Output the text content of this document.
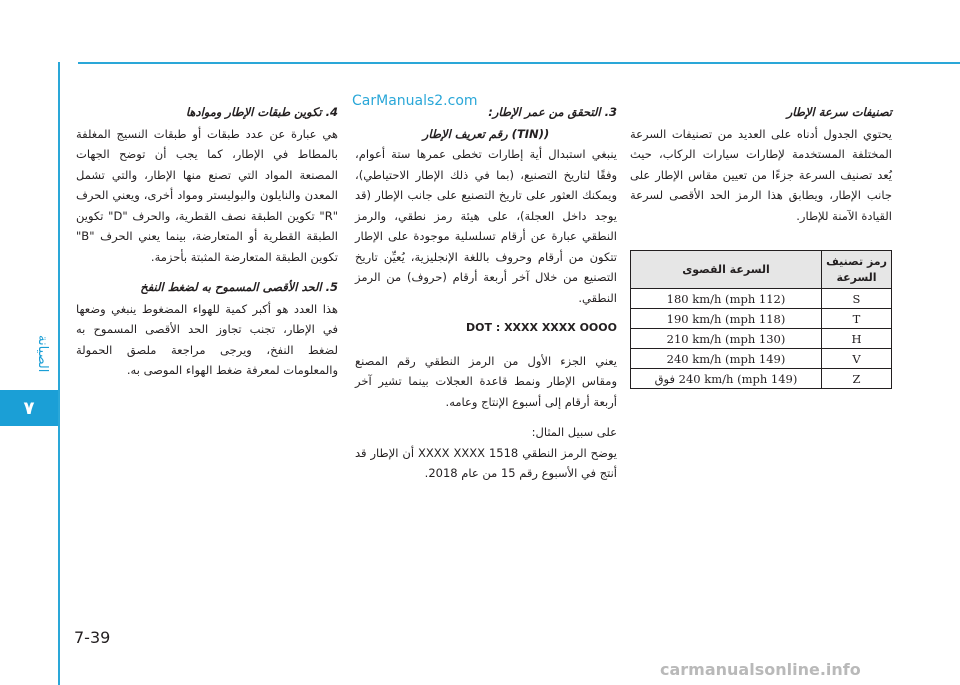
الصيانة
٧
CarManuals2.com
تصنيفات سرعة الإطار
يحتوي الجدول أدناه على العديد من تصنيفات السرعة المختلفة المستخدمة لإطارات سيارات الركاب، حيث يُعد تصنيف السرعة جزءًا من تعيين مقاس الإطار على جانب الإطار، ويطابق هذا الرمز الحد الأقصى لسرعة القيادة الآمنة للإطار.
رمز تصنيف السرعة	السرعة القصوى
S	(112 mph) 180 km/h
T	(118 mph) 190 km/h
H	(130 mph) 210 km/h
V	(149 mph) 240 km/h
Z	(149 mph) 240 km/h فوق
3. التحقق من عمر الإطار:
((TIN) رقم تعريف الإطار
ينبغي استبدال أية إطارات تخطى عمرها ستة أعوام، وفقًا لتاريخ التصنيع، (بما في ذلك الإطار الاحتياطي)، ويمكنك العثور على تاريخ التصنيع على جانب الإطار (قد يوجد داخل العجلة)، على هيئة رمز نطقي، والرمز النطقي عبارة عن أرقام تسلسلية موجودة على الإطار تتكون من أرقام وحروف باللغة الإنجليزية، يُعيِّن تاريخ التصنيع من خلال آخر أربعة أرقام (حروف) من الرمز النطقي.
DOT : XXXX XXXX OOOO
يعني الجزء الأول من الرمز النطقي رقم المصنع ومقاس الإطار ونمط قاعدة العجلات بينما تشير آخر أربعة أرقام إلى أسبوع الإنتاج وعامه.
على سبيل المثال:
يوضح الرمز النطقي 1518 XXXX XXXX أن الإطار قد أنتج في الأسبوع رقم 15 من عام 2018.
4. تكوين طبقات الإطار وموادها
هي عبارة عن عدد طبقات أو طبقات النسيج المغلفة بالمطاط في الإطار، كما يجب أن توضح الجهات المصنعة المواد التي تصنع منها الإطار، والتي تشمل المعدن والنايلون والبوليستر ومواد أخرى، ويعني الحرف "R" تكوين الطبقة نصف القطرية، والحرف "D" تكوين الطبقة القطرية أو المتعارضة، بينما يعني الحرف "B" تكوين الطبقة المتعارضة المثبتة بأحزمة.
5. الحد الأقصى المسموح به لضغط النفخ
هذا العدد هو أكبر كمية للهواء المضغوط ينبغي وضعها في الإطار، تجنب تجاوز الحد الأقصى المسموح به لضغط النفخ، ويرجى مراجعة ملصق الحمولة والمعلومات لمعرفة ضغط الهواء الموصى به.
7-39
carmanualsonline.info
